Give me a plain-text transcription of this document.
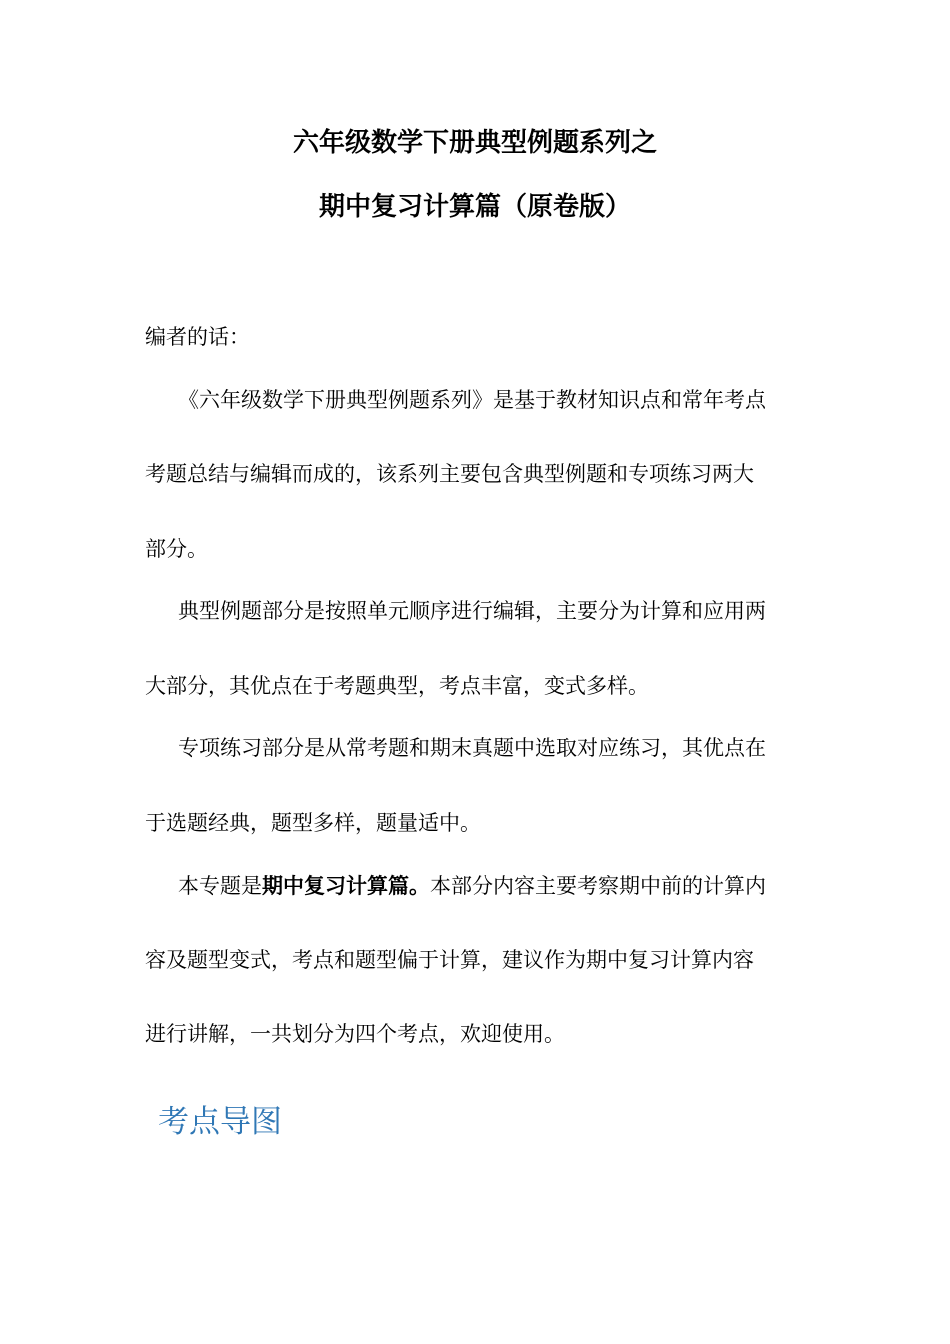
六年级数学下册典型例题系列之
期中复习计算篇（原卷版）
编者的话：
《六年级数学下册典型例题系列》是基于教材知识点和常年考点
考题总结与编辑而成的，该系列主要包含典型例题和专项练习两大
部分。
典型例题部分是按照单元顺序进行编辑，主要分为计算和应用两
大部分，其优点在于考题典型，考点丰富，变式多样。
专项练习部分是从常考题和期末真题中选取对应练习，其优点在
于选题经典，题型多样，题量适中。
本专题是期中复习计算篇。本部分内容主要考察期中前的计算内
容及题型变式，考点和题型偏于计算，建议作为期中复习计算内容
进行讲解，一共划分为四个考点，欢迎使用。
考点导图
